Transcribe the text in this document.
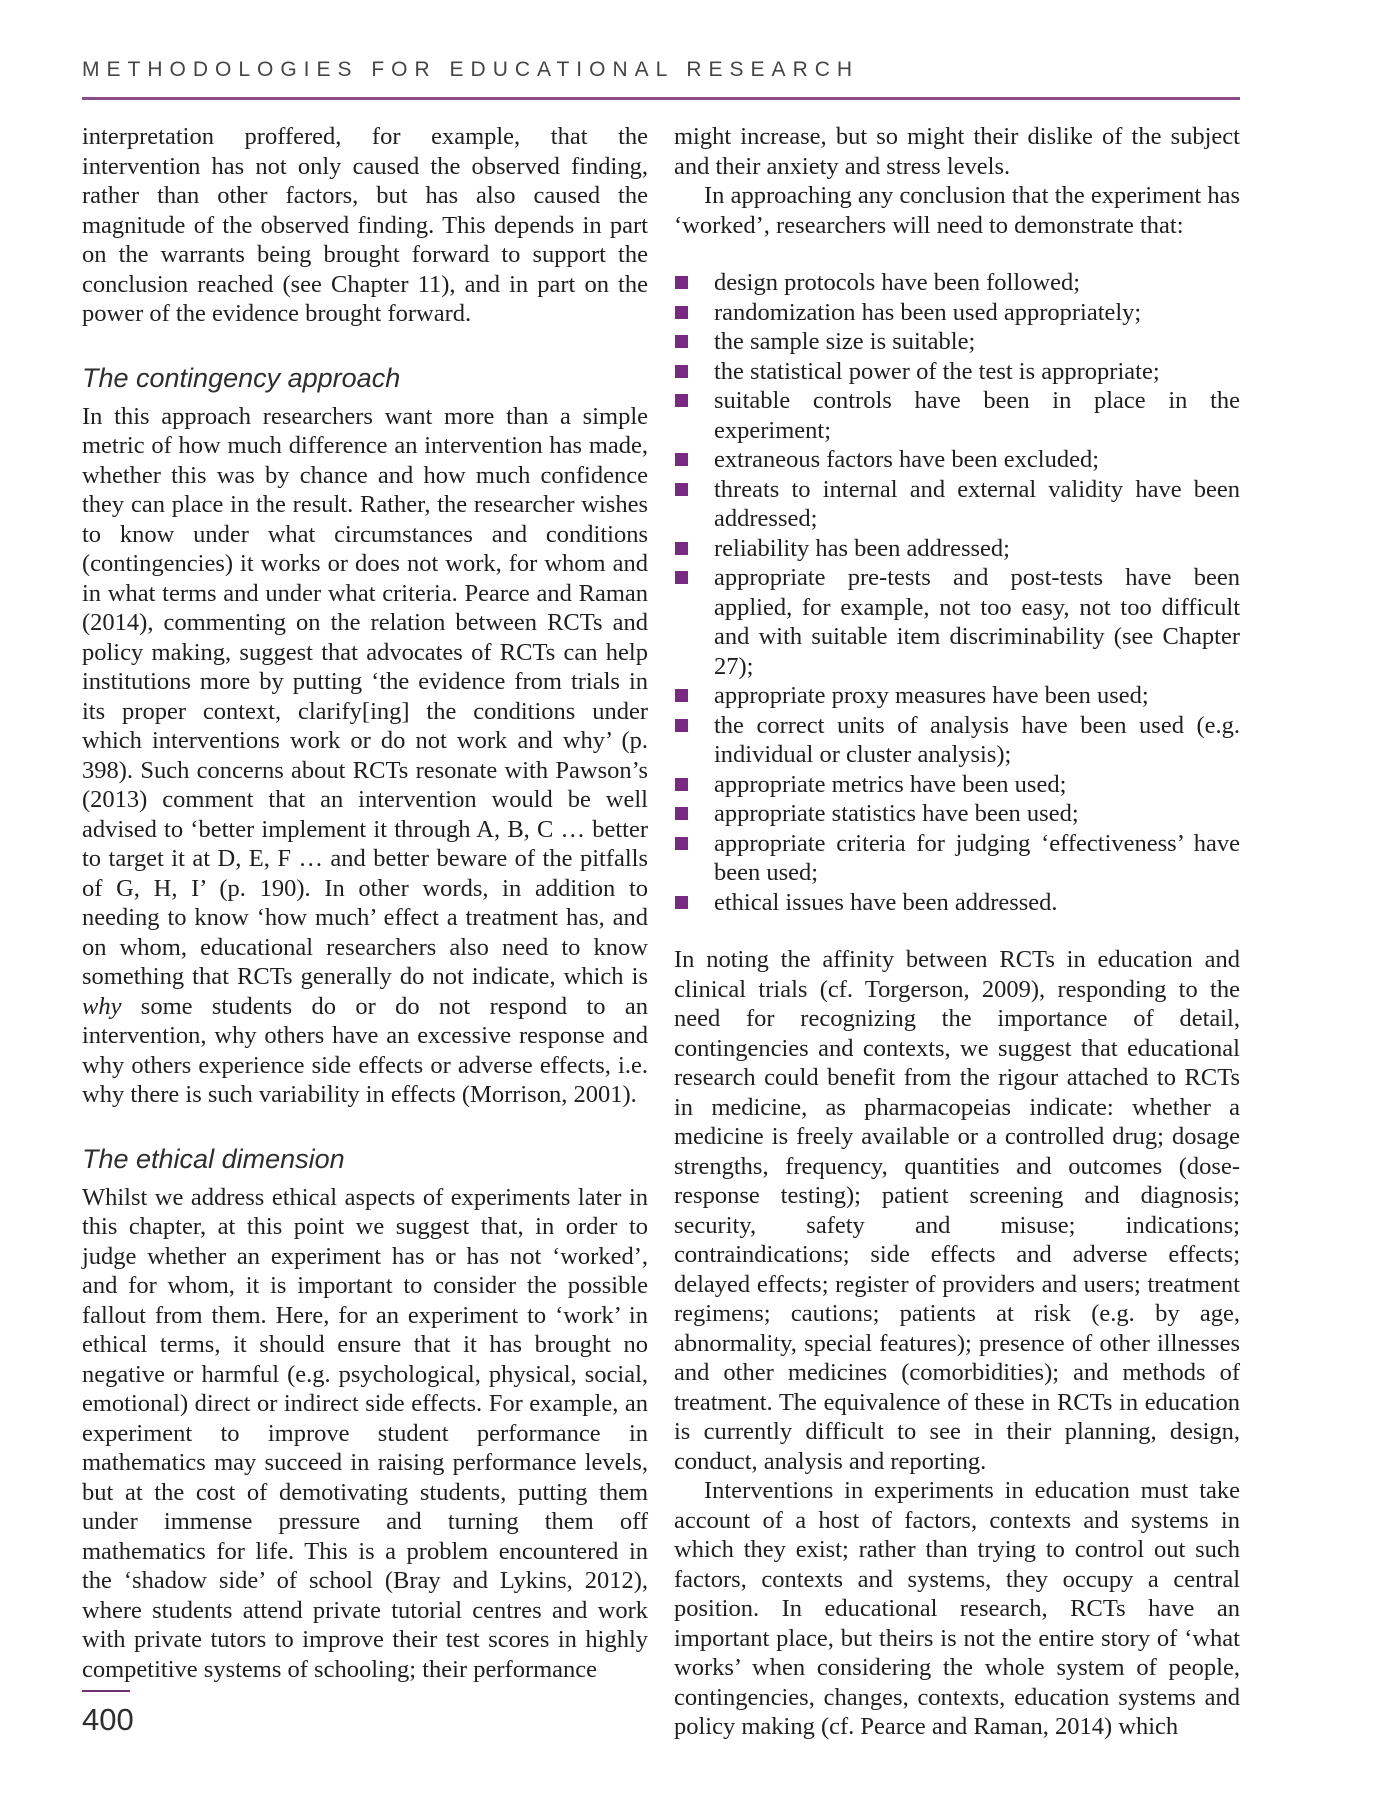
METHODOLOGIES FOR EDUCATIONAL RESEARCH

interpretation proffered, for example, that the intervention has not only caused the observed finding, rather than other factors, but has also caused the magnitude of the observed finding. This depends in part on the warrants being brought forward to support the conclusion reached (see Chapter 11), and in part on the power of the evidence brought forward.

The contingency approach

In this approach researchers want more than a simple metric of how much difference an intervention has made, whether this was by chance and how much confidence they can place in the result. Rather, the researcher wishes to know under what circumstances and conditions (contingencies) it works or does not work, for whom and in what terms and under what criteria. Pearce and Raman (2014), commenting on the relation between RCTs and policy making, suggest that advocates of RCTs can help institutions more by putting ‘the evidence from trials in its proper context, clarify[ing] the conditions under which interventions work or do not work and why’ (p. 398). Such concerns about RCTs resonate with Pawson’s (2013) comment that an intervention would be well advised to ‘better implement it through A, B, C … better to target it at D, E, F … and better beware of the pitfalls of G, H, I’ (p. 190). In other words, in addition to needing to know ‘how much’ effect a treatment has, and on whom, educational researchers also need to know something that RCTs generally do not indicate, which is why some students do or do not respond to an intervention, why others have an excessive response and why others experience side effects or adverse effects, i.e. why there is such variability in effects (Morrison, 2001).

The ethical dimension

Whilst we address ethical aspects of experiments later in this chapter, at this point we suggest that, in order to judge whether an experiment has or has not ‘worked’, and for whom, it is important to consider the possible fallout from them. Here, for an experiment to ‘work’ in ethical terms, it should ensure that it has brought no negative or harmful (e.g. psychological, physical, social, emotional) direct or indirect side effects. For example, an experiment to improve student performance in mathematics may succeed in raising performance levels, but at the cost of demotivating students, putting them under immense pressure and turning them off mathematics for life. This is a problem encountered in the ‘shadow side’ of school (Bray and Lykins, 2012), where students attend private tutorial centres and work with private tutors to improve their test scores in highly competitive systems of schooling; their performance

might increase, but so might their dislike of the subject and their anxiety and stress levels.

In approaching any conclusion that the experiment has ‘worked’, researchers will need to demonstrate that:

design protocols have been followed;
randomization has been used appropriately;
the sample size is suitable;
the statistical power of the test is appropriate;
suitable controls have been in place in the experiment;
extraneous factors have been excluded;
threats to internal and external validity have been addressed;
reliability has been addressed;
appropriate pre-tests and post-tests have been applied, for example, not too easy, not too difficult and with suitable item discriminability (see Chapter 27);
appropriate proxy measures have been used;
the correct units of analysis have been used (e.g. individual or cluster analysis);
appropriate metrics have been used;
appropriate statistics have been used;
appropriate criteria for judging ‘effectiveness’ have been used;
ethical issues have been addressed.

In noting the affinity between RCTs in education and clinical trials (cf. Torgerson, 2009), responding to the need for recognizing the importance of detail, contingencies and contexts, we suggest that educational research could benefit from the rigour attached to RCTs in medicine, as pharmacopeias indicate: whether a medicine is freely available or a controlled drug; dosage strengths, frequency, quantities and outcomes (dose-response testing); patient screening and diagnosis; security, safety and misuse; indications; contraindications; side effects and adverse effects; delayed effects; register of providers and users; treatment regimens; cautions; patients at risk (e.g. by age, abnormality, special features); presence of other illnesses and other medicines (comorbidities); and methods of treatment. The equivalence of these in RCTs in education is currently difficult to see in their planning, design, conduct, analysis and reporting.

Interventions in experiments in education must take account of a host of factors, contexts and systems in which they exist; rather than trying to control out such factors, contexts and systems, they occupy a central position. In educational research, RCTs have an important place, but theirs is not the entire story of ‘what works’ when considering the whole system of people, contingencies, changes, contexts, education systems and policy making (cf. Pearce and Raman, 2014) which

400
